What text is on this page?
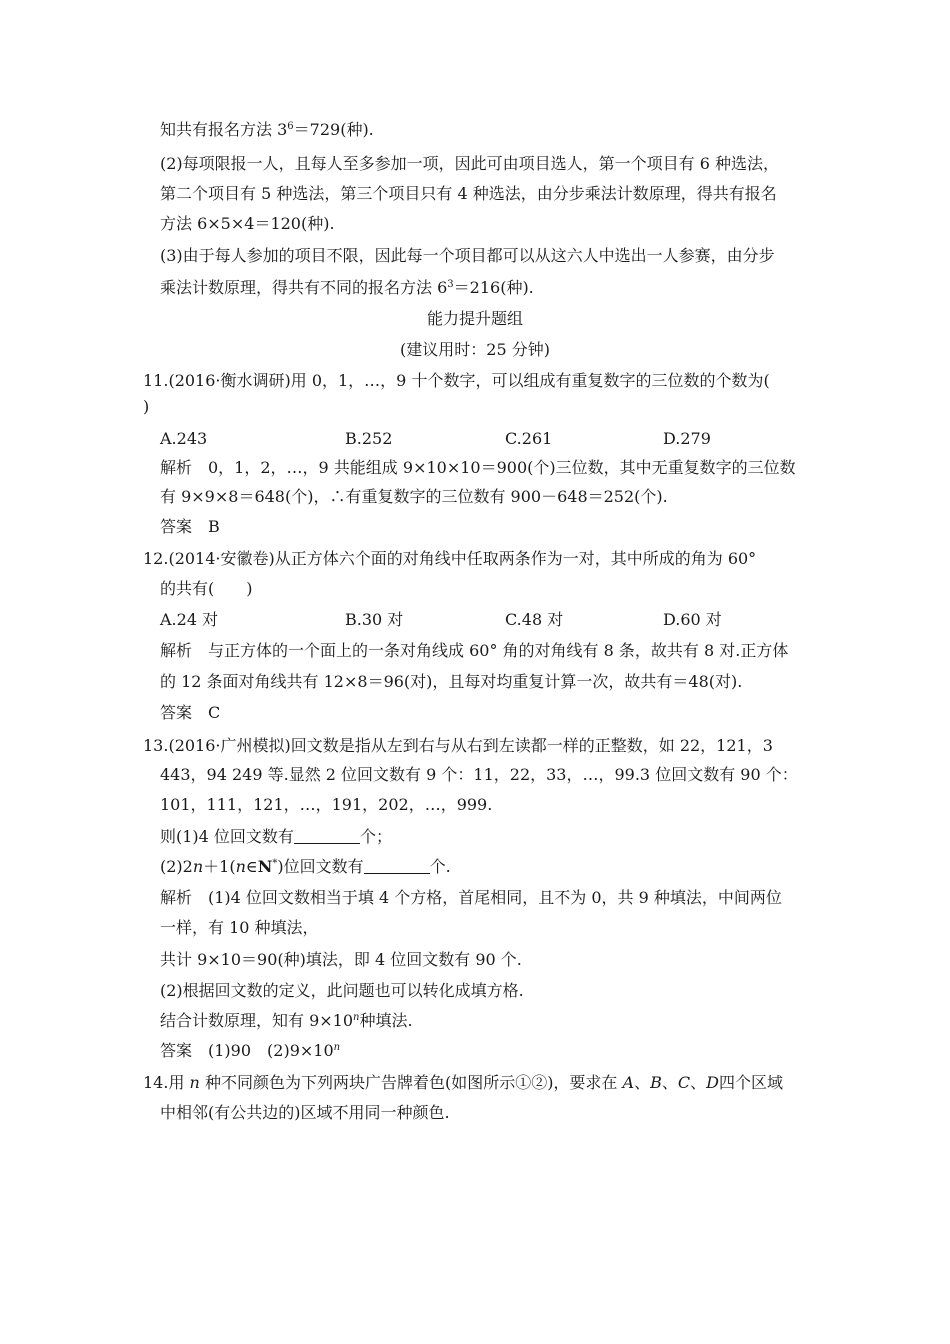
知共有报名方法 $3^6=729$(种).
(2)每项限报一人，且每人至多参加一项，因此可由项目选人，第一个项目有 6 种选法，
第二个项目有 5 种选法，第三个项目只有 4 种选法，由分步乘法计数原理，得共有报名
方法 6×5×4＝120(种).
(3)由于每人参加的项目不限，因此每一个项目都可以从这六人中选出一人参赛，由分步
乘法计数原理，得共有不同的报名方法 $6^3=216$(种).
能力提升题组
(建议用时：25 分钟)
11.(2016·衡水调研)用 0，1，…，9 十个数字，可以组成有重复数字的三位数的个数为(
)
A.243	B.252	C.261	D.279
解析　0，1，2，…，9 共能组成 9×10×10＝900(个)三位数，其中无重复数字的三位数
有 9×9×8＝648(个)，∴有重复数字的三位数有 900－648＝252(个).
答案　B
12.(2014·安徽卷)从正方体六个面的对角线中任取两条作为一对，其中所成的角为 60°
的共有(　　)
A.24 对	B.30 对	C.48 对	D.60 对
解析　与正方体的一个面上的一条对角线成 60° 角的对角线有 8 条，故共有 8 对.正方体
的 12 条面对角线共有 12×8＝96(对)，且每对均重复计算一次，故共有＝48(对).
答案　C
13.(2016·广州模拟)回文数是指从左到右与从右到左读都一样的正整数，如 22，121，3
443，94 249 等.显然 2 位回文数有 9 个：11，22，33，…，99.3 位回文数有 90 个：
101，111，121，…，191，202，…，999.
则(1)4 位回文数有	个；
(2)2n＋1(n∈N*)位回文数有	个.
解析　(1)4 位回文数相当于填 4 个方格，首尾相同，且不为 0，共 9 种填法，中间两位
一样，有 10 种填法，
共计 9×10＝90(种)填法，即 4 位回文数有 90 个.
(2)根据回文数的定义，此问题也可以转化成填方格.
结合计数原理，知有 $9\times 10^n$种填法.
答案　(1)90　$(2)9\times 10^n$
14.用 n 种不同颜色为下列两块广告牌着色(如图所示①②)，要求在 A、B、C、D四个区域
中相邻(有公共边的)区域不用同一种颜色.
